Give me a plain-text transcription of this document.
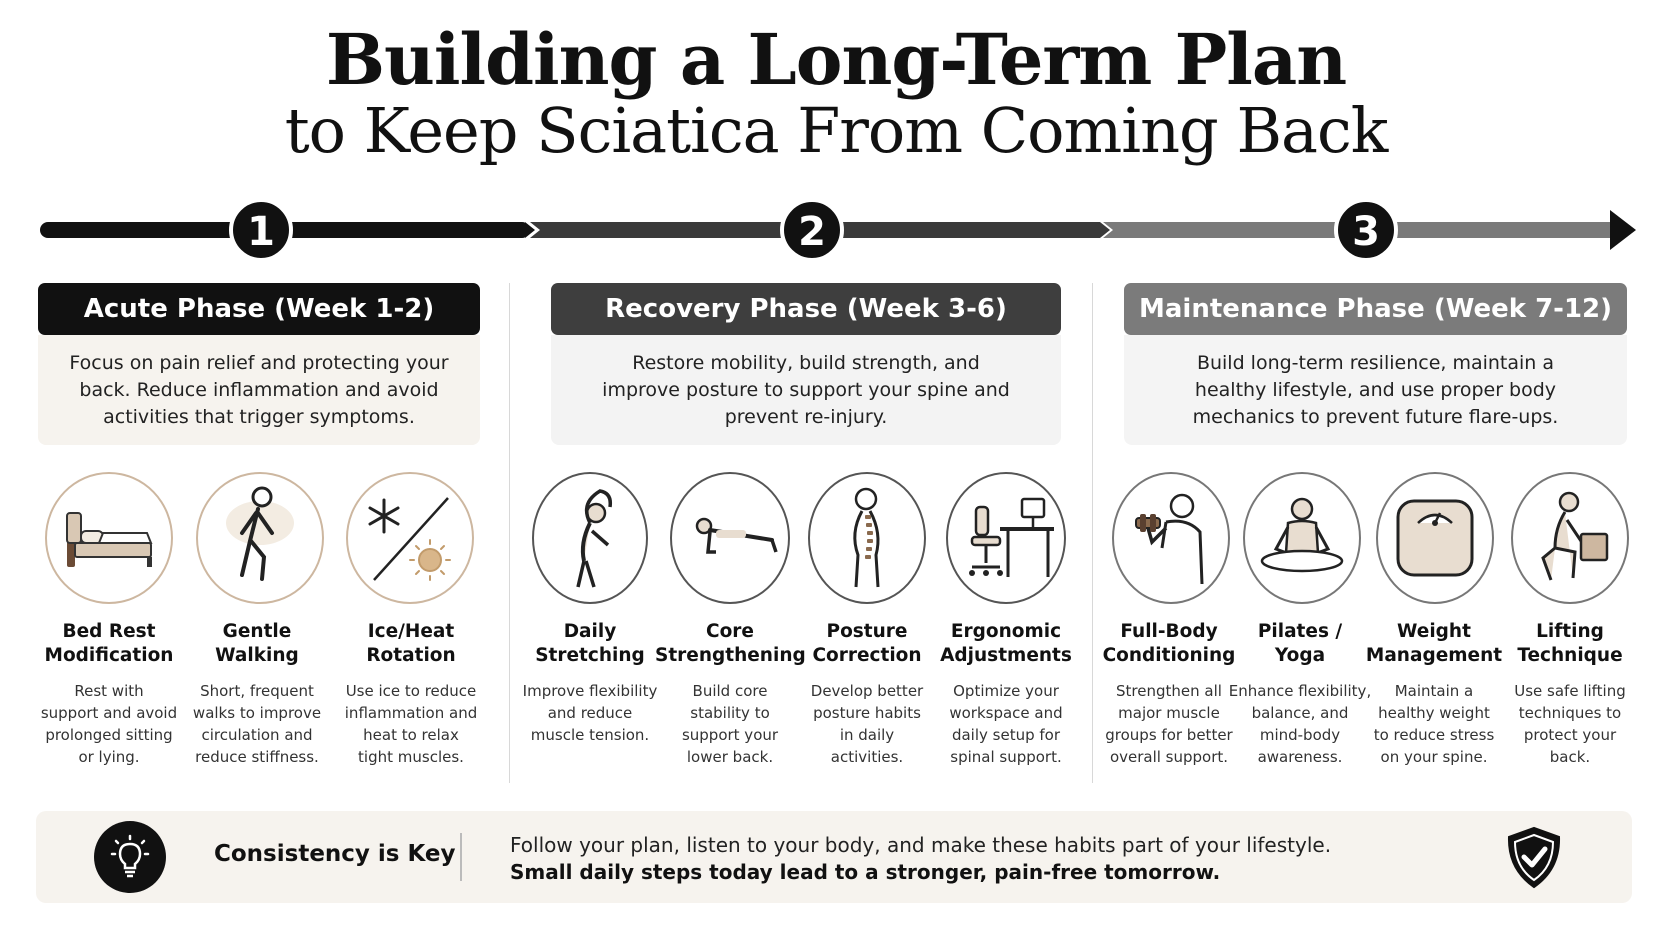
Building a Long-Term Plan
to Keep Sciatica From Coming Back
1	2	3
Acute Phase (Week 1-2)
Focus on pain relief and protecting your back. Reduce inflammation and avoid activities that trigger symptoms.
Recovery Phase (Week 3-6)
Restore mobility, build strength, and improve posture to support your spine and prevent re-injury.
Maintenance Phase (Week 7-12)
Build long-term resilience, maintain a healthy lifestyle, and use proper body mechanics to prevent future flare-ups.
Bed Rest
Modification
Rest with
support and avoid
prolonged sitting
or lying.
Gentle
Walking
Short, frequent
walks to improve
circulation and
reduce stiffness.
Ice/Heat
Rotation
Use ice to reduce
inflammation and
heat to relax
tight muscles.
Daily
Stretching
Improve flexibility
and reduce
muscle tension.
Core
Strengthening
Build core
stability to
support your
lower back.
Posture
Correction
Develop better
posture habits
in daily
activities.
Ergonomic
Adjustments
Optimize your
workspace and
daily setup for
spinal support.
Full-Body
Conditioning
Strengthen all
major muscle
groups for better
overall support.
Pilates /
Yoga
Enhance flexibility,
balance, and
mind-body
awareness.
Weight
Management
Maintain a
healthy weight
to reduce stress
on your spine.
Lifting
Technique
Use safe lifting
techniques to
protect your
back.
Consistency is Key	Follow your plan, listen to your body, and make these habits part of your lifestyle.
Small daily steps today lead to a stronger, pain-free tomorrow.
